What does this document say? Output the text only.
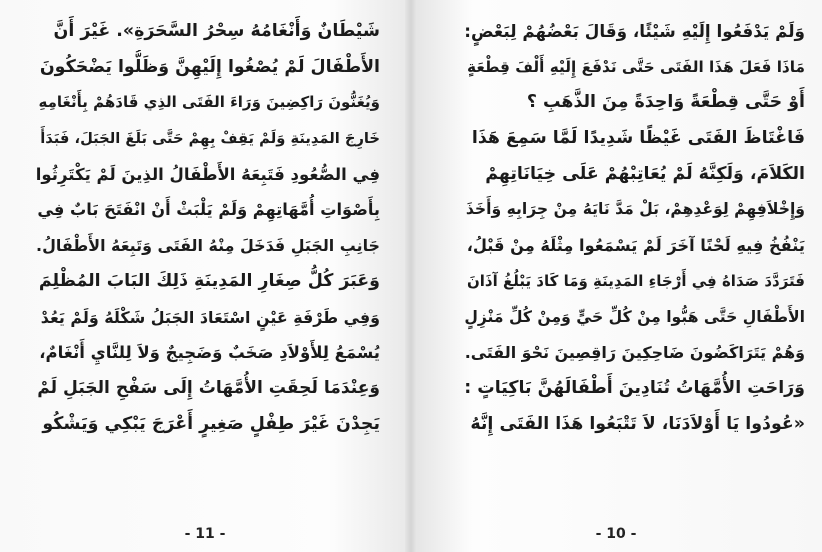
شَيْطَانٌ وَأَنْغَامُهُ سِحْرُ السَّحَرَةِ». غَيْرَ أَنَّ
الأَطْفَالَ لَمْ يُصْغُوا إِلَيْهِنَّ وَظَلُّوا يَضْحَكُونَ
وَيُغَنُّونَ رَاكِضِينَ وَرَاءَ الفَتَى الذِي قَادَهُمْ بِأَنْغَامِهِ
خَارِجَ المَدِينَةِ وَلَمْ يَقِفْ بِهِمْ حَتَّى بَلَغَ الجَبَلَ، فَبَدَأَ
فِي الصُّعُودِ فَتَبِعَهُ الأَطْفَالُ الذِينَ لَمْ يَكْتَرِثُوا
بِأَصْوَاتِ أُمَّهَاتِهِمْ وَلَمْ يَلْبَثْ أَنْ انْفَتَحَ بَابٌ فِي
جَانِبِ الجَبَلِ فَدَخَلَ مِنْهُ الفَتَى وَتَبِعَهُ الأَطْفَالُ.
وَعَبَرَ كُلُّ صِغَارِ المَدِينَةِ ذَلِكَ البَابَ المُظْلِمَ
وَفِي طَرْفَةِ عَيْنٍ اسْتَعَادَ الجَبَلُ شَكْلَهُ وَلَمْ يَعُدْ
يُسْمَعُ لِلأَوْلاَدِ صَخَبٌ وَضَجِيجٌ وَلاَ لِلنَّايِ أَنْغَامٌ،
وَعِنْدَمَا لَحِقَتِ الأُمَّهَاتُ إِلَى سَفْحِ الجَبَلِ لَمْ
يَجِدْنَ غَيْرَ طِفْلٍ صَغِيرٍ أَعْرَجَ يَبْكِي وَيَشْكُو
- 11 -
وَلَمْ يَدْفَعُوا إِلَيْهِ شَيْئًا، وَقَالَ بَعْضُهُمْ لِبَعْضٍ:
مَاذَا فَعَلَ هَذَا الفَتَى حَتَّى نَدْفَعَ إِلَيْهِ أَلْفَ قِطْعَةٍ
أَوْ حَتَّى قِطْعَةً وَاحِدَةً مِنَ الذَّهَبِ ؟
فَاغْتَاظَ الفَتَى غَيْظًا شَدِيدًا لَمَّا سَمِعَ هَذَا
الكَلاَمَ، وَلَكِنَّهُ لَمْ يُعَاتِبْهُمْ عَلَى خِيَانَاتِهِمْ
وَإِخْلاَفِهِمْ لِوَعْدِهِمْ، بَلْ مَدَّ نَايَهُ مِنْ جِرَابِهِ وَأَخَذَ
يَنْفُخُ فِيهِ لَحْنًا آخَرَ لَمْ يَسْمَعُوا مِثْلَهُ مِنْ قَبْلُ،
فَتَرَدَّدَ صَدَاهُ فِي أَرْجَاءِ المَدِينَةِ وَمَا كَادَ يَبْلُغُ آذَانَ
الأَطْفَالِ حَتَّى هَبُّوا مِنْ كُلِّ حَيٍّ وَمِنْ كُلِّ مَنْزِلٍ
وَهُمْ يَتَرَاكَضُونَ ضَاحِكِينَ رَاقِصِينَ نَحْوَ الفَتَى.
وَرَاحَتِ الأُمَّهَاتُ تُنَادِينَ أَطْفَالَهُنَّ بَاكِيَاتٍ :
«عُودُوا يَا أَوْلاَدَنَا، لاَ تَتْبَعُوا هَذَا الفَتَى إِنَّهُ
- 10 -
